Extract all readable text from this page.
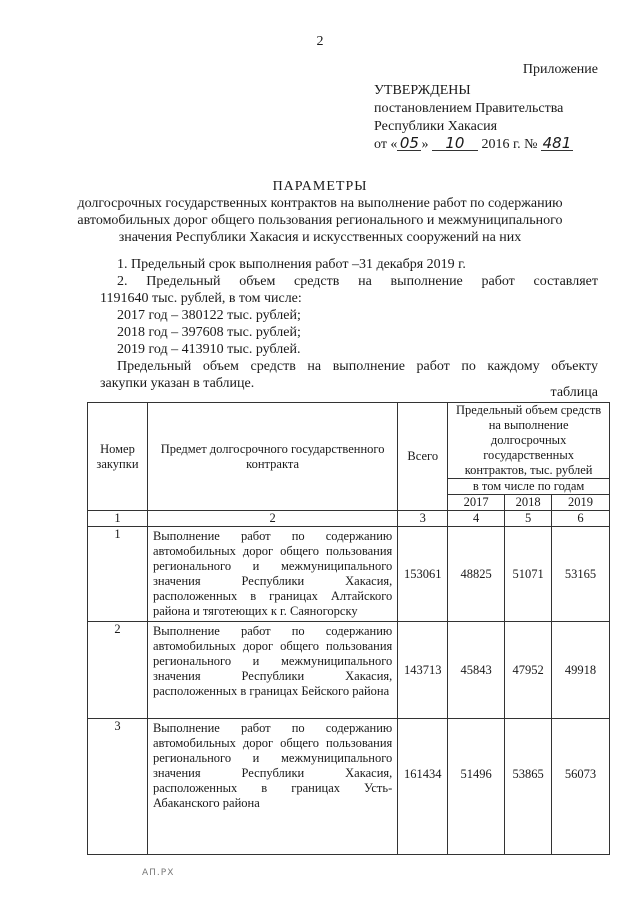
2
Приложение
УТВЕРЖДЕНЫ
постановлением Правительства
Республики Хакасия
от « 05 » 10 2016 г. № 481
ПАРАМЕТРЫ
долгосрочных государственных контрактов на выполнение работ по содержанию
автомобильных дорог общего пользования регионального и межмуниципального
значения Республики Хакасия и искусственных сооружений на них
1. Предельный срок выполнения работ –31 декабря 2019 г.
2. Предельный объем средств на выполнение работ составляет
1191640 тыс. рублей, в том числе:
2017 год – 380122 тыс. рублей;
2018 год – 397608 тыс. рублей;
2019 год – 413910 тыс. рублей.
Предельный объем средств на выполнение работ по каждому объекту
закупки указан в таблице.
таблица
Номер закупки	Предмет долгосрочного государственного контракта	Всего	Предельный объем средств на выполнение долгосрочных государственных контрактов, тыс. рублей		
			в том числе по годам		
			2017	2018	2019
1	2	3	4	5	6
1	Выполнение работ по содержанию автомобильных дорог общего пользования регионального и межмуниципального значения Республики Хакасия, расположенных в границах Алтайского района и тяготеющих к г. Саяногорску	153061	48825	51071	53165
2	Выполнение работ по содержанию автомобильных дорог общего пользования регионального и межмуниципального значения Республики Хакасия, расположенных в границах Бейского района	143713	45843	47952	49918
3	Выполнение работ по содержанию автомобильных дорог общего пользования регионального и межмуниципального значения Республики Хакасия, расположенных в границах Усть-Абаканского района	161434	51496	53865	56073
АП.РХ
